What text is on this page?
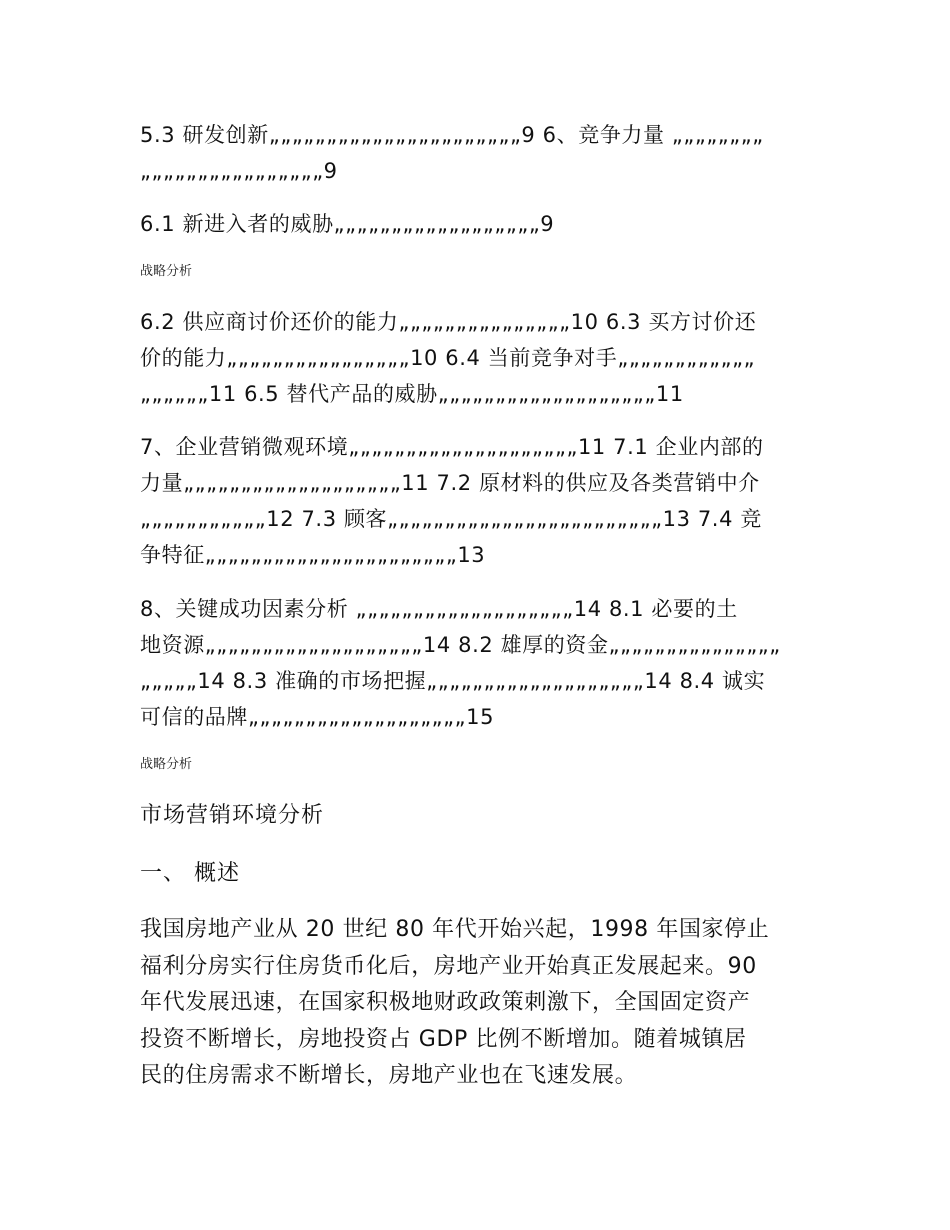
5.3 研发创新„„„„„„„„„„„„„„„„„„„„„„9 6、竞争力量 „„„„„„„„
„„„„„„„„„„„„„„„„9
6.1 新进入者的威胁„„„„„„„„„„„„„„„„„„9
战略分析
6.2 供应商讨价还价的能力„„„„„„„„„„„„„„„10 6.3 买方讨价还
价的能力„„„„„„„„„„„„„„„„10 6.4 当前竞争对手„„„„„„„„„„„„
„„„„„„11 6.5 替代产品的威胁„„„„„„„„„„„„„„„„„„„11
7、企业营销微观环境„„„„„„„„„„„„„„„„„„„„11 7.1 企业内部的
力量„„„„„„„„„„„„„„„„„„„11 7.2 原材料的供应及各类营销中介
„„„„„„„„„„„12 7.3 顾客„„„„„„„„„„„„„„„„„„„„„„„„13 7.4 竞
争特征„„„„„„„„„„„„„„„„„„„„„„13
8、关键成功因素分析 „„„„„„„„„„„„„„„„„„„14 8.1 必要的土
地资源„„„„„„„„„„„„„„„„„„„14 8.2 雄厚的资金„„„„„„„„„„„„„„„
„„„„„14 8.3 准确的市场把握„„„„„„„„„„„„„„„„„„„14 8.4 诚实
可信的品牌„„„„„„„„„„„„„„„„„„„15
战略分析
市场营销环境分析
一、 概述
我国房地产业从 20 世纪 80 年代开始兴起，1998 年国家停止
福利分房实行住房货币化后，房地产业开始真正发展起来。90
年代发展迅速，在国家积极地财政政策刺激下，全国固定资产
投资不断增长，房地投资占 GDP 比例不断增加。随着城镇居
民的住房需求不断增长，房地产业也在飞速发展。
